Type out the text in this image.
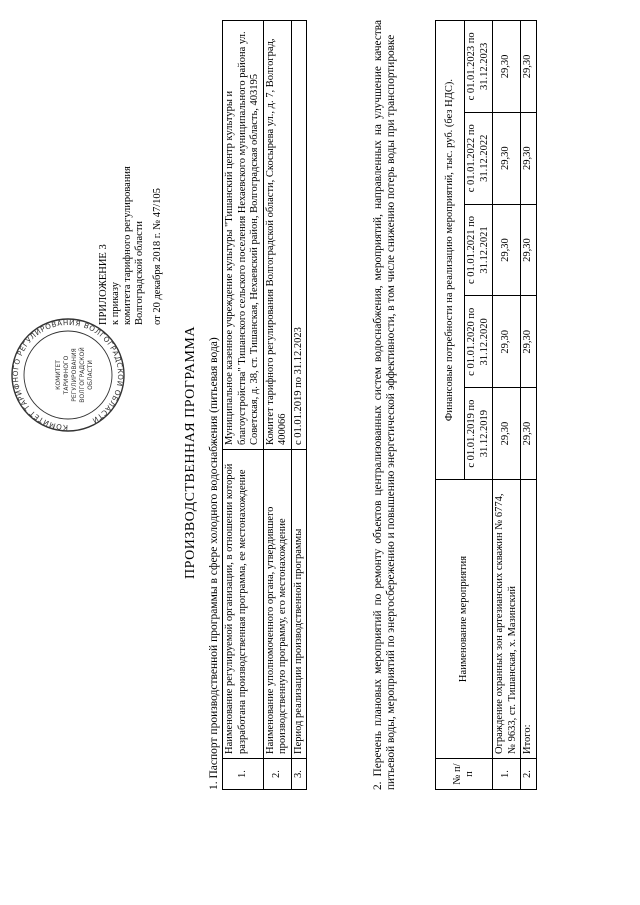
ПРИЛОЖЕНИЕ 3 к приказу комитета тарифного регулирования Волгоградской области от 20 декабря 2018 г. № 47/105
КОМИТЕТ ТАРИФНОГО РЕГУЛИРОВАНИЯ ВОЛГОГРАДСКОЙ ОБЛАСТИ
КОМИТЕТ ТАРИФНОГО РЕГУЛИРОВАНИЯ ВОЛГОГРАДСКОЙ ОБЛАСТИ	ПРОИЗВОДСТВЕННАЯ ПРОГРАММА 1. Паспорт производственной программы в сфере холодного водоснабжения (питьевая вода) 1.	Наименование регулируемой организации, в отношении которой разработана производственная программа, ее местонахождение	Муниципальное казенное учреждение культуры "Тишанский центр культуры и благоустройства" Тишанского сельского поселения Нехаевского муниципального района ул. Советская, д. 38, ст. Тишанская, Нехаевский район, Волгоградская область, 403195
2.	Наименование уполномоченного органа, утвердившего производственную программу, его местонахождение	Комитет тарифного регулирования Волгоградской области, Скосырева ул., д. 7, Волгоград, 400066
3.	Период реализации производственной программы	с 01.01.2019 по 31.12.2023	2. Перечень плановых мероприятий по ремонту объектов централизованных систем водоснабжения, мероприятий, направленных на улучшение качества питьевой воды, мероприятий по энергосбережению и повышению энергетической эффективности, в том числе снижению потерь воды при транспортировке	№ п/п	Наименование мероприятия	Финансовые потребности на реализацию мероприятий, тыс. руб. (без НДС).				
		с 01.01.2019 по 31.12.2019	с 01.01.2020 по 31.12.2020	с 01.01.2021 по 31.12.2021	с 01.01.2022 по 31.12.2022	с 01.01.2023 по 31.12.2023
1.	Ограждение охранных зон артезианских скважин № 6774, № 9633, ст. Тишанская, х. Мазинский	29,30	29,30	29,30	29,30	29,30
2.	Итого:	29,30	29,30	29,30	29,30	29,30
